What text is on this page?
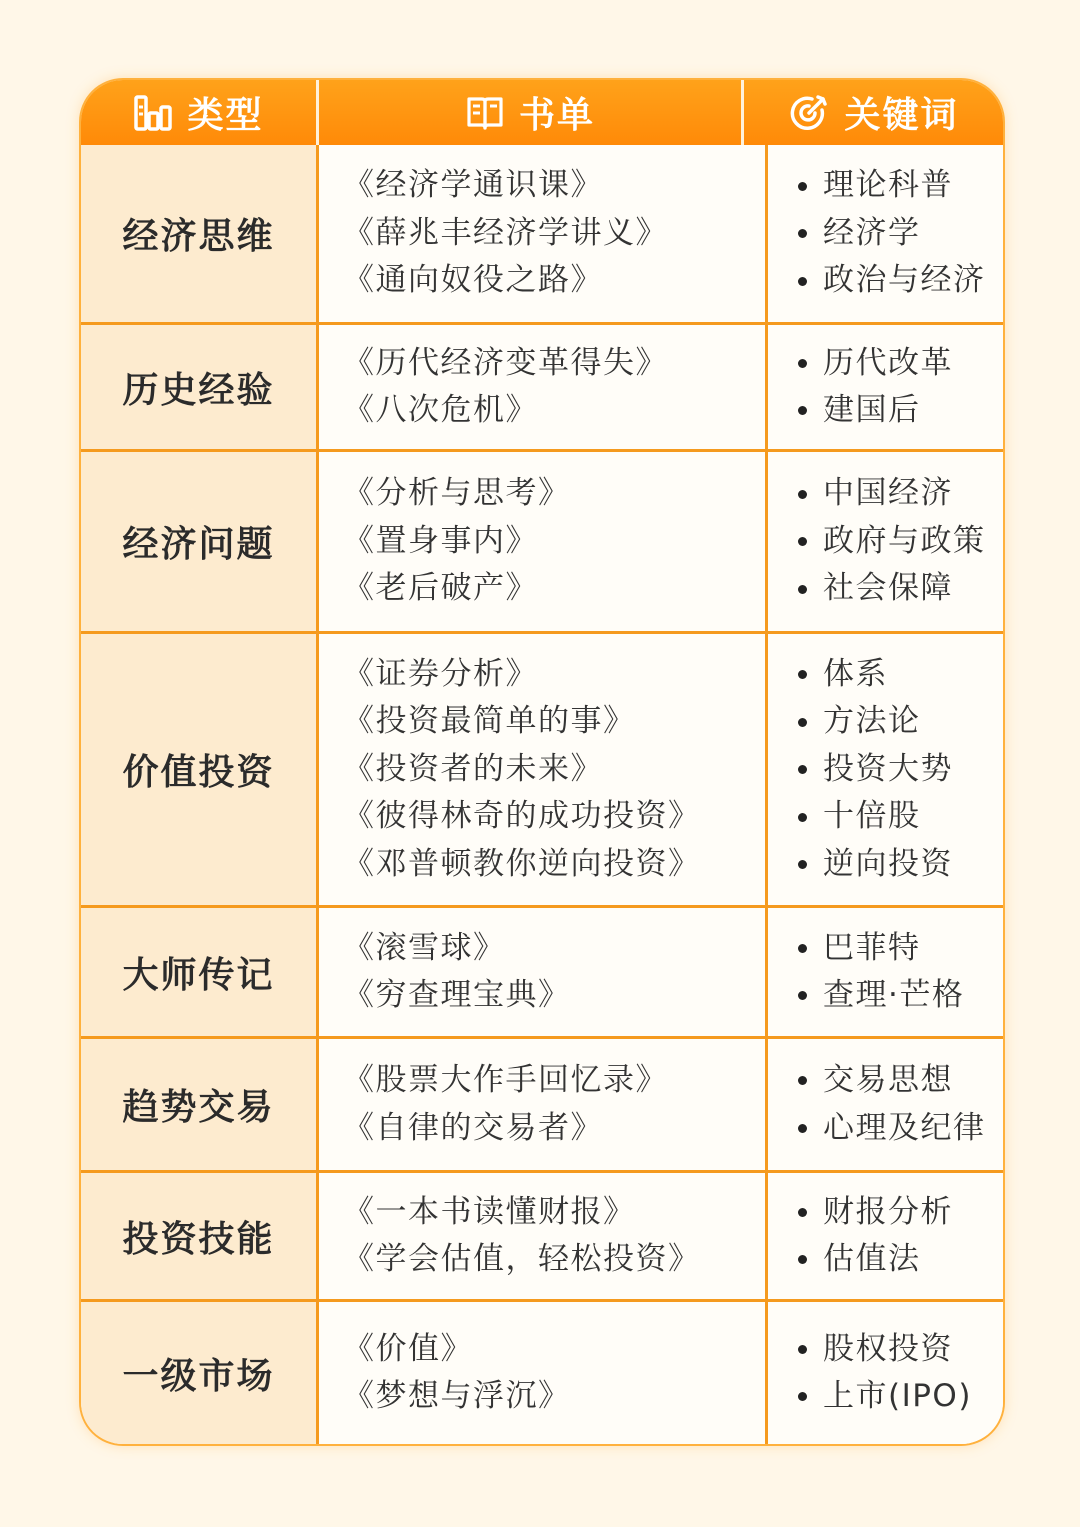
类型	书单	关键词
经济思维
《经济学通识课》
《薛兆丰经济学讲义》
《通向奴役之路》
理论科普
经济学
政治与经济
历史经验
《历代经济变革得失》
《八次危机》
历代改革
建国后
经济问题
《分析与思考》
《置身事内》
《老后破产》
中国经济
政府与政策
社会保障
价值投资
《证券分析》
《投资最简单的事》
《投资者的未来》
《彼得林奇的成功投资》
《邓普顿教你逆向投资》
体系
方法论
投资大势
十倍股
逆向投资
大师传记
《滚雪球》
《穷查理宝典》
巴菲特
查理·芒格
趋势交易
《股票大作手回忆录》
《自律的交易者》
交易思想
心理及纪律
投资技能
《一本书读懂财报》
《学会估值，轻松投资》
财报分析
估值法
一级市场
《价值》
《梦想与浮沉》
股权投资
上市(IPO)
